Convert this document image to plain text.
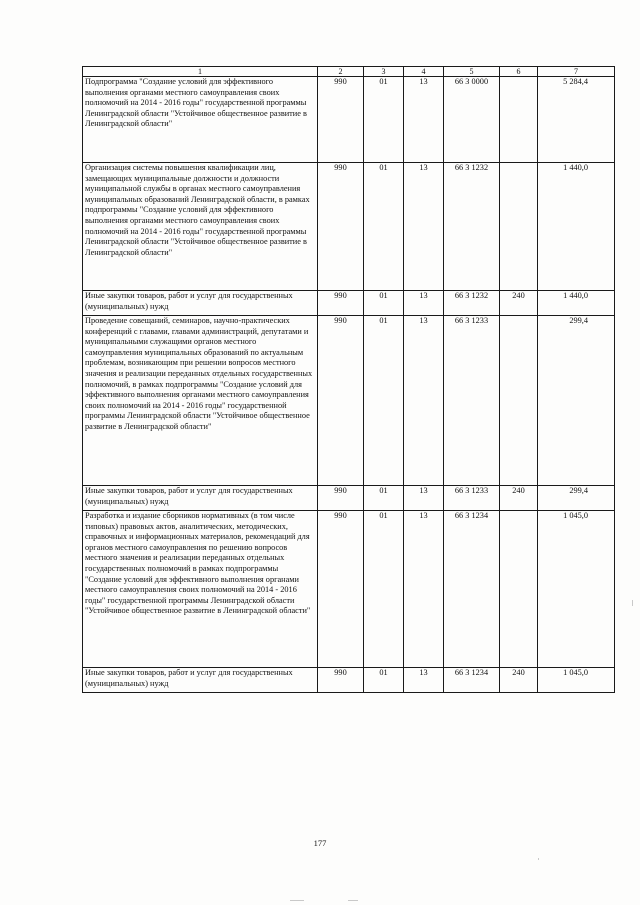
1	2	3	4	5	6	7
Подпрограмма "Создание условий для эффективного выполнения органами местного самоуправления своих полномочий на 2014 - 2016 годы" государственной программы Ленинградской области "Устойчивое общественное развитие в Ленинградской области"	990	01	13	66 3 0000		5 284,4
Организация системы повышения квалификации лиц, замещающих муниципальные должности и должности муниципальной службы в органах местного самоуправления муниципальных образований Ленинградской области, в рамках подпрограммы "Создание условий для эффективного выполнения органами местного самоуправления своих полномочий на 2014 - 2016 годы" государственной программы Ленинградской области "Устойчивое общественное развитие в Ленинградской области"	990	01	13	66 3 1232		1 440,0
Иные закупки товаров, работ и услуг для государственных (муниципальных) нужд	990	01	13	66 3 1232	240	1 440,0
Проведение совещаний, семинаров, научно-практических конференций с главами, главами администраций, депутатами и муниципальными служащими органов местного самоуправления муниципальных образований по актуальным проблемам, возникающим при решении вопросов местного значения и реализации переданных отдельных государственных полномочий, в рамках подпрограммы "Создание условий для эффективного выполнения органами местного самоуправления своих полномочий на 2014 - 2016 годы" государственной программы Ленинградской области "Устойчивое общественное развитие в Ленинградской области"	990	01	13	66 3 1233		299,4
Иные закупки товаров, работ и услуг для государственных (муниципальных) нужд	990	01	13	66 3 1233	240	299,4
Разработка и издание сборников нормативных (в том числе типовых) правовых актов, аналитических, методических, справочных и информационных материалов, рекомендаций для органов местного самоуправления по решению вопросов местного значения и реализации переданных отдельных государственных полномочий в рамках подпрограммы "Создание условий для эффективного выполнения органами местного самоуправления своих полномочий на 2014 - 2016 годы" государственной программы Ленинградской области "Устойчивое общественное развитие в Ленинградской области"	990	01	13	66 3 1234		1 045,0
Иные закупки товаров, работ и услуг для государственных (муниципальных) нужд	990	01	13	66 3 1234	240	1 045,0
177
